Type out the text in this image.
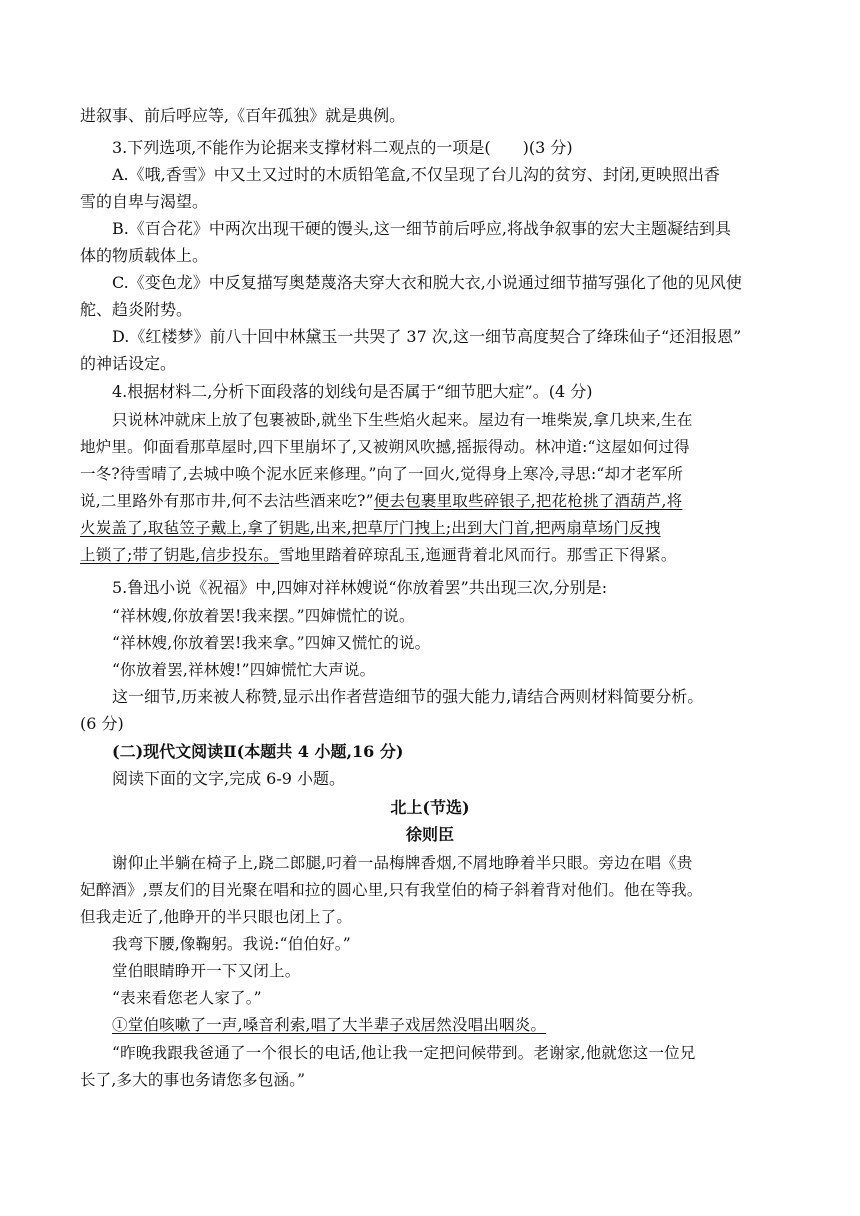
进叙事、前后呼应等,《百年孤独》就是典例。
3.下列选项,不能作为论据来支撑材料二观点的一项是(　　)(3 分)
A.《哦,香雪》中又土又过时的木质铅笔盒,不仅呈现了台儿沟的贫穷、封闭,更映照出香
雪的自卑与渴望。
B.《百合花》中两次出现干硬的馒头,这一细节前后呼应,将战争叙事的宏大主题凝结到具
体的物质载体上。
C.《变色龙》中反复描写奥楚蔑洛夫穿大衣和脱大衣,小说通过细节描写强化了他的见风使
舵、趋炎附势。
D.《红楼梦》前八十回中林黛玉一共哭了 37 次,这一细节高度契合了绛珠仙子“还泪报恩”
的神话设定。
4.根据材料二,分析下面段落的划线句是否属于“细节肥大症”。(4 分)
只说林冲就床上放了包裹被卧,就坐下生些焰火起来。屋边有一堆柴炭,拿几块来,生在
地炉里。仰面看那草屋时,四下里崩坏了,又被朔风吹撼,摇振得动。林冲道:“这屋如何过得
一冬?待雪晴了,去城中唤个泥水匠来修理。”向了一回火,觉得身上寒冷,寻思:“却才老军所
说,二里路外有那市井,何不去沽些酒来吃?”便去包裹里取些碎银子,把花枪挑了酒葫芦,将
火炭盖了,取毡笠子戴上,拿了钥匙,出来,把草厅门拽上;出到大门首,把两扇草场门反拽
上锁了;带了钥匙,信步投东。雪地里踏着碎琼乱玉,迤逦背着北风而行。那雪正下得紧。
5.鲁迅小说《祝福》中,四婶对祥林嫂说“你放着罢”共出现三次,分别是:
“祥林嫂,你放着罢!我来摆。”四婶慌忙的说。
“祥林嫂,你放着罢!我来拿。”四婶又慌忙的说。
“你放着罢,祥林嫂!”四婶慌忙大声说。
这一细节,历来被人称赞,显示出作者营造细节的强大能力,请结合两则材料简要分析。
(6 分)
(二)现代文阅读Ⅱ(本题共 4 小题,16 分)
阅读下面的文字,完成 6-9 小题。
北上(节选)
徐则臣
谢仰止半躺在椅子上,跷二郎腿,叼着一品梅牌香烟,不屑地睁着半只眼。旁边在唱《贵
妃醉酒》,票友们的目光聚在唱和拉的圆心里,只有我堂伯的椅子斜着背对他们。他在等我。
但我走近了,他睁开的半只眼也闭上了。
我弯下腰,像鞠躬。我说:“伯伯好。”
堂伯眼睛睁开一下又闭上。
“表来看您老人家了。”
①堂伯咳嗽了一声,嗓音利索,唱了大半辈子戏居然没唱出咽炎。
“昨晚我跟我爸通了一个很长的电话,他让我一定把问候带到。老谢家,他就您这一位兄
长了,多大的事也务请您多包涵。”
